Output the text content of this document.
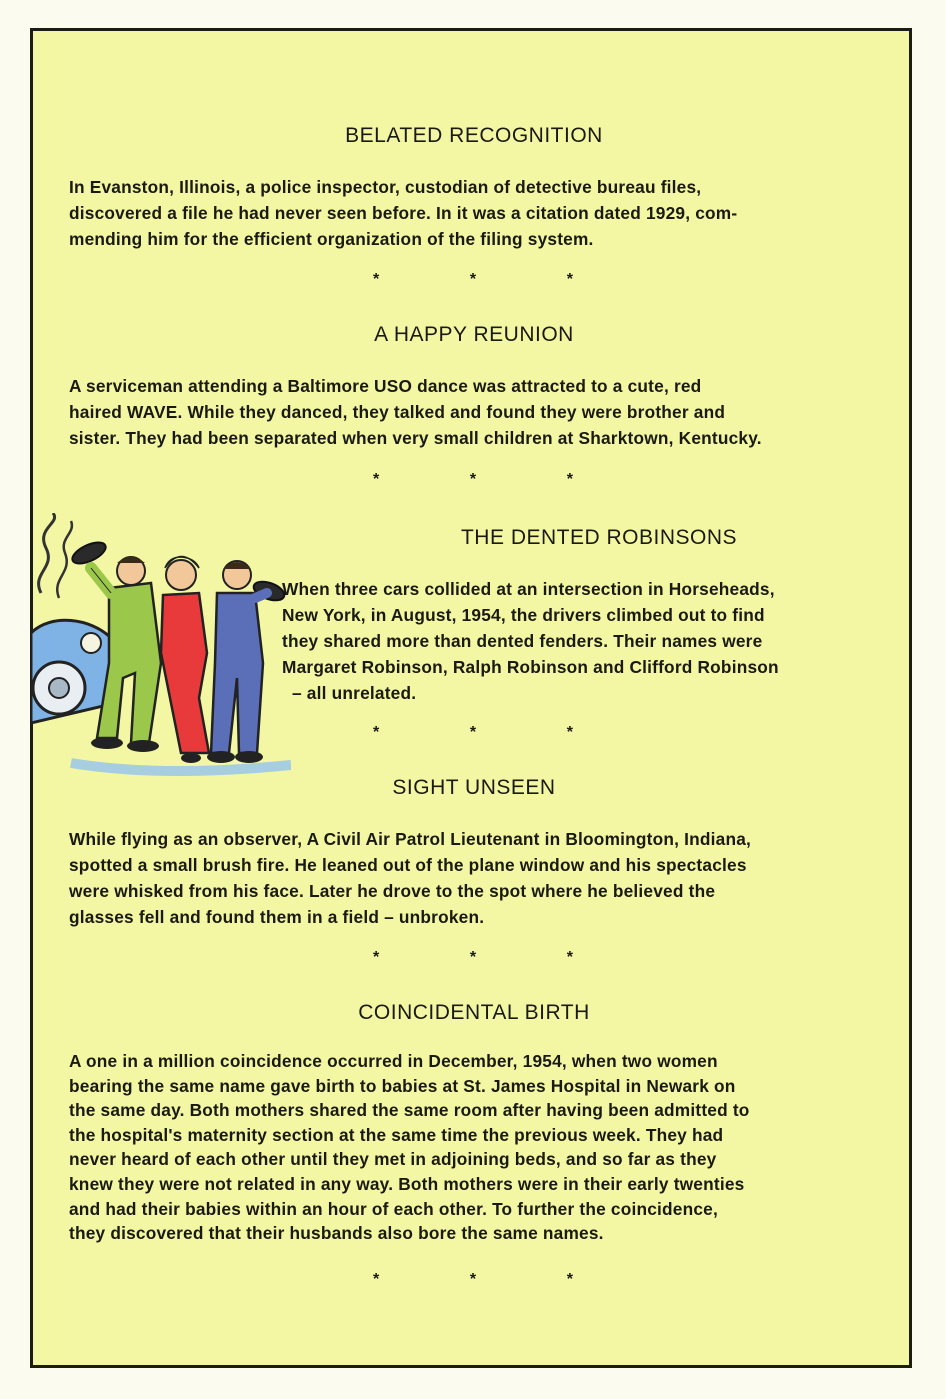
BELATED RECOGNITION
In Evanston, Illinois, a police inspector, custodian of detective bureau files,
discovered a file he had never seen before. In it was a citation dated 1929, com-
mending him for the efficient organization of the filing system.
*	*	*
A HAPPY REUNION
A serviceman attending a Baltimore USO dance was attracted to a cute, red
haired WAVE. While they danced, they talked and found they were brother and
sister. They had been separated when very small children at Sharktown, Kentucky.
*	*	*
THE DENTED ROBINSONS
When three cars collided at an intersection in Horseheads,
New York, in August, 1954, the drivers climbed out to find
they shared more than dented fenders. Their names were
Margaret Robinson, Ralph Robinson and Clifford Robinson
– all unrelated.
*	*	*
SIGHT UNSEEN
While flying as an observer, A Civil Air Patrol Lieutenant in Bloomington, Indiana,
spotted a small brush fire. He leaned out of the plane window and his spectacles
were whisked from his face. Later he drove to the spot where he believed the
glasses fell and found them in a field – unbroken.
*	*	*
COINCIDENTAL BIRTH
A one in a million coincidence occurred in December, 1954, when two women
bearing the same name gave birth to babies at St. James Hospital in Newark on
the same day. Both mothers shared the same room after having been admitted to
the hospital's maternity section at the same time the previous week. They had
never heard of each other until they met in adjoining beds, and so far as they
knew they were not related in any way. Both mothers were in their early twenties
and had their babies within an hour of each other. To further the coincidence,
they discovered that their husbands also bore the same names.
*	*	*
